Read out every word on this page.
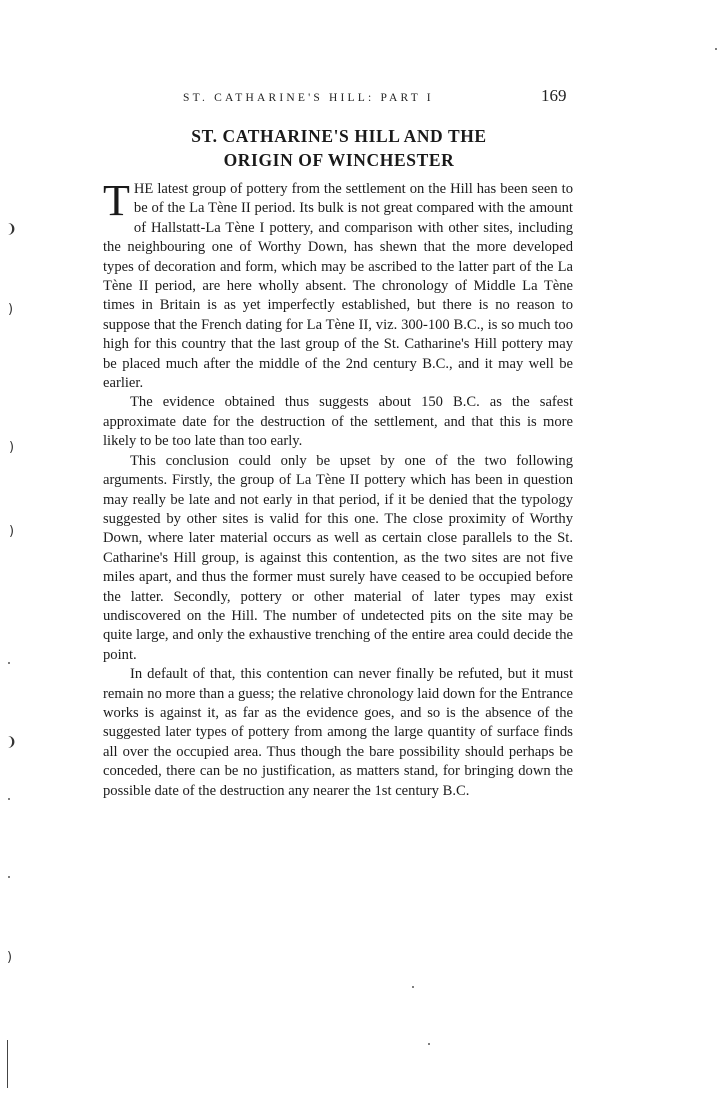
ST. CATHARINE'S HILL: PART I	169
ST. CATHARINE'S HILL AND THE
ORIGIN OF WINCHESTER

THE latest group of pottery from the settlement on the Hill has been seen to be of the La Tène II period. Its bulk is not great compared with the amount of Hallstatt-La Tène I pottery, and comparison with other sites, including the neighbouring one of Worthy Down, has shewn that the more developed types of decoration and form, which may be ascribed to the latter part of the La Tène II period, are here wholly absent. The chronology of Middle La Tène times in Britain is as yet imperfectly established, but there is no reason to suppose that the French dating for La Tène II, viz. 300-100 B.C., is so much too high for this country that the last group of the St. Catharine's Hill pottery may be placed much after the middle of the 2nd century B.C., and it may well be earlier.

The evidence obtained thus suggests about 150 B.C. as the safest approximate date for the destruction of the settlement, and that this is more likely to be too late than too early.

This conclusion could only be upset by one of the two following arguments. Firstly, the group of La Tène II pottery which has been in question may really be late and not early in that period, if it be denied that the typology suggested by other sites is valid for this one. The close proximity of Worthy Down, where later material occurs as well as certain close parallels to the St. Catharine's Hill group, is against this contention, as the two sites are not five miles apart, and thus the former must surely have ceased to be occupied before the latter. Secondly, pottery or other material of later types may exist undiscovered on the Hill. The number of undetected pits on the site may be quite large, and only the exhaustive trenching of the entire area could decide the point.

In default of that, this contention can never finally be refuted, but it must remain no more than a guess; the relative chronology laid down for the Entrance works is against it, as far as the evidence goes, and so is the absence of the suggested later types of pottery from among the large quantity of surface finds all over the occupied area. Thus though the bare possibility should perhaps be conceded, there can be no justification, as matters stand, for bringing down the possible date of the destruction any nearer the 1st century B.C.

❩
)
)
)
❩
)
